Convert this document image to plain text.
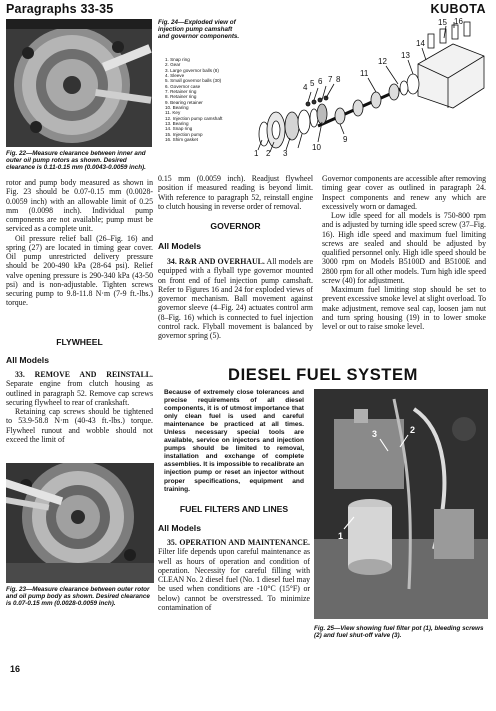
Paragraphs 33-35	KUBOTA
Fig. 22—Measure clearance between inner and outer oil pump rotors as shown. Desired clearance is 0.11-0.15 mm (0.0043-0.0059 inch).
Fig. 24—Exploded view of injection pump camshaft and governor components.
1. Snap ring
2. Gear
3. Large governor balls (8)
4. Sleeve
5. Small governor balls (30)
6. Governor case
7. Retainer ring
8. Retainer ring
9. Bearing retainer
10. Bearing
11. Key
12. Injection pump camshaft
13. Bearing
14. Snap ring
15. Injection pump
16. Shim gasket
1 2 3
4 5 6 7 8
9
10
11
12
13
14
15 16

rotor and pump body measured as shown in Fig. 23 should be 0.07-0.15 mm (0.0028-0.0059 inch) with an allowable limit of 0.25 mm (0.0098 inch). Individual pump components are not available; pump must be serviced as a complete unit.

Oil pressure relief ball (26–Fig. 16) and spring (27) are located in timing gear cover. Oil pump unrestricted delivery pressure should be 200-490 kPa (28-64 psi). Relief valve opening pressure is 290-340 kPa (43-50 psi) and is non-adjustable. Tighten screws securing pump to 9.8-11.8 N·m (7-9 ft.-lbs.) torque.

FLYWHEEL
All Models

33. REMOVE AND REINSTALL. Separate engine from clutch housing as outlined in paragraph 52. Remove cap screws securing flywheel to rear of crankshaft.

Retaining cap screws should be tightened to 53.9-58.8 N·m (40-43 ft.-lbs.) torque. Flywheel runout and wobble should not exceed the limit of

Fig. 23—Measure clearance between outer rotor and oil pump body as shown. Desired clearance is 0.07-0.15 mm (0.0028-0.0059 inch).

0.15 mm (0.0059 inch). Readjust flywheel position if measured reading is beyond limit. With reference to paragraph 52, reinstall engine to clutch housing in reverse order of removal.

GOVERNOR
All Models

34. R&R AND OVERHAUL. All models are equipped with a flyball type governor mounted on front end of fuel injection pump camshaft. Refer to Figures 16 and 24 for exploded views of governor mechanism. Ball movement against governor sleeve (4–Fig. 24) actuates control arm (8–Fig. 16) which is connected to fuel injection control rack. Flyball movement is balanced by governor spring (5).

Governor components are accessible after removing timing gear cover as outlined in paragraph 24. Inspect components and renew any which are excessively worn or damaged.

Low idle speed for all models is 750-800 rpm and is adjusted by turning idle speed screw (37–Fig. 16). High idle speed and maximum fuel limiting screws are sealed and should be adjusted by qualified personnel only. High idle speed should be 3000 rpm on Models B5100D and B5100E and 2800 rpm for all other models. Turn high idle speed screw (40) for adjustment.

Maximum fuel limiting stop should be set to prevent excessive smoke level at slight overload. To make adjustment, remove seal cap, loosen jam nut and turn spring housing (19) in to lower smoke level or out to raise smoke level.

DIESEL FUEL SYSTEM
Because of extremely close tolerances and precise requirements of all diesel components, it is of utmost importance that only clean fuel is used and careful maintenance be practiced at all times. Unless necessary special tools are available, service on injectors and injection pumps should be limited to removal, installation and exchange of complete assemblies. It is impossible to recalibrate an injection pump or reset an injector without proper specifications, equipment and training.
FUEL FILTERS AND LINES
All Models

35. OPERATION AND MAINTENANCE. Filter life depends upon careful maintenance as well as hours of operation and condition of operation. Necessity for careful filling with CLEAN No. 2 diesel fuel (No. 1 diesel fuel may be used when conditions are -10°C (15°F) or below) cannot be overstressed. To minimize contamination of

3	2
1
Fig. 25—View showing fuel filter pot (1), bleeding screws (2) and fuel shut-off valve (3).
16
